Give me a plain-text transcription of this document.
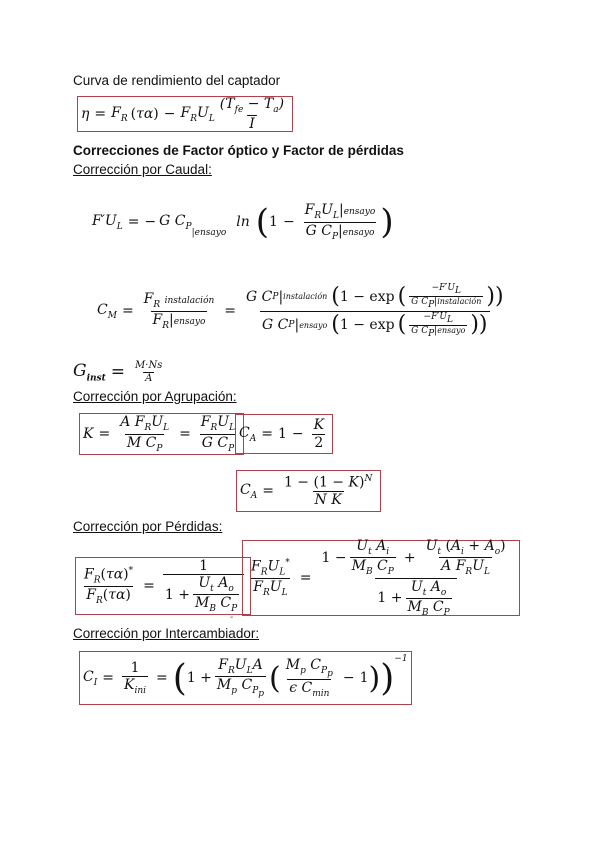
Curva de rendimiento del captador
$\eta = F_R$ ( τα ) − $F_RU_L \frac{(T_{fe} - T_a)}{I}$
Correcciones de Factor óptico y Factor de pérdidas
Corrección por Caudal:
$F'U_L$ = − G $C_P$
|ensayo
ln ( $1 - \frac{F_RU_L|ensayo}{G C_P|ensayo}$ )
$C_M = \frac{F_R instalación}{F_R|ensayo}$ =
G C P | instalación ( 1 − exp ( $\frac{-F'U_L}{G C_P|instalación}$ ))
G C P | ensayo ( 1 − exp ( $\frac{-F'U_L}{G C_P|ensayo}$ ))
$G_{inst} = \frac{M\cdot Ns}{A}$
Corrección por Agrupación:
$K = \frac{A F_RU_L}{M C_P} = \frac{F_RU_L}{G C_P} C_A = 1 - \frac{K}{2}$
$C_A = \frac{1 - (1 - K)^N}{\text{N K}}$
Corrección por Pérdidas:
$\frac{F_R(\tau\alpha)^*}{F_R(\tau\alpha)} = \frac{1}{1 + \frac{U_t A_o}{M_B C_P}}$
-
$\frac{F_RU_L^*}{F_RU_L} = \frac{1 - \frac{U_t A_i}{M_B C_P} + \frac{U_t (A_i + A_o)}{A F_RU_L}}{1 + \frac{U_t A_o}{M_B C_P}}$
Corrección por Intercambiador:
$C_I = \frac{1}{K_{ini}}$ = ( $1 + \frac{F_RU_LA}{M_p C_{P_p}}$ ( $\frac{M_p C_{P_p}}{\epsilon C_{min}} - 1$ ) )$^{-1}$
